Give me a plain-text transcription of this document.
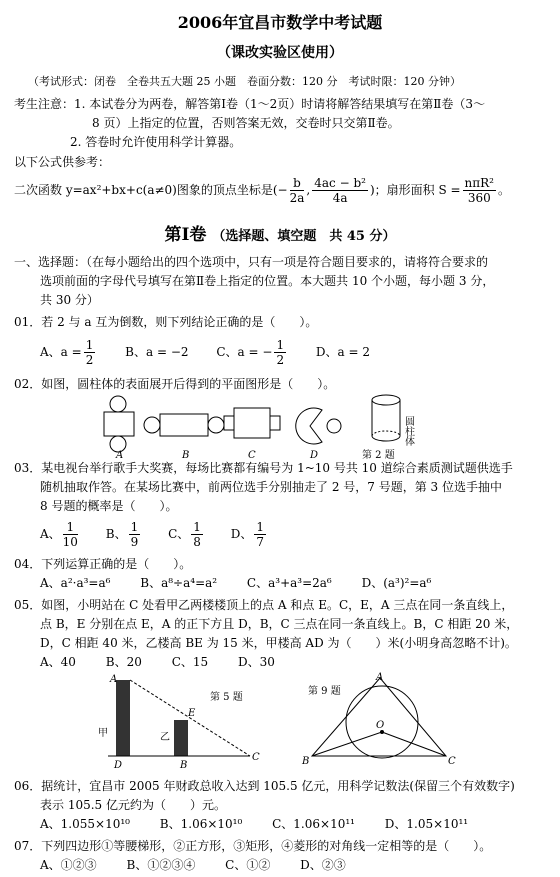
2006年宜昌市数学中考试题
（课改实验区使用）
（考试形式：闭卷　全卷共五大题 25 小题　卷面分数：120 分　考试时限：120 分钟）
考生注意：1. 本试卷分为两卷，解答第Ⅰ卷（1～2页）时请将解答结果填写在第Ⅱ卷（3～
8 页）上指定的位置，否则答案无效，交卷时只交第Ⅱ卷。
2. 答卷时允许使用科学计算器。
以下公式供参考：
二次函数 y=ax²+bx+c(a≠0)图象的顶点坐标是(− $\frac{b}{2a}$ , $\frac{\text{4ac − b²}}{4a}$ )；扇形面积 $S = \frac{\text{nπR²}}{360}$ 。
第Ⅰ卷 （选择题、填空题　共 45 分）
一、选择题：（在每小题给出的四个选项中，只有一项是符合题目要求的，请将符合要求的
选项前面的字母代号填写在第Ⅱ卷上指定的位置。本大题共 10 个小题，每小题 3 分，
共 30 分）
01．若 2 与 a 互为倒数，则下列结论正确的是（　　）。
A、$a = \frac{1}{2}$ B、a = −2 C、a = − $\frac{1}{2}$ D、a = 2
02．如图，圆柱体的表面展开后得到的平面图形是（　　）。
圆柱体
A	B	C	D	第 2 题
03．某电视台举行歌手大奖赛，每场比赛都有编号为 1~10 号共 10 道综合素质测试题供选手
随机抽取作答。在某场比赛中，前两位选手分别抽走了 2 号，7 号题，第 3 位选手抽中
8 号题的概率是（　　）。
A、 $\frac{1}{10}$ B、 $\frac{1}{9}$ C、 $\frac{1}{8}$ D、 $\frac{1}{7}$
04．下列运算正确的是（　　）。
A、a²·a³=a⁶ B、a⁸÷a⁴=a² C、a³+a³=2a⁶ D、(a³)²=a⁶
05．如图，小明站在 C 处看甲乙两楼楼顶上的点 A 和点 E。C，E，A 三点在同一条直线上，
点 B，E 分别在点 E，A 的正下方且 D，B，C 三点在同一条直线上。B，C 相距 20 米，
D，C 相距 40 米，乙楼高 BE 为 15 米，甲楼高 AD 为（　　）米(小明身高忽略不计)。
A、40 B、20 C、15 D、30
A
E
D	B
C
甲	乙
第 5 题
A
B	C
O
第 9 题
06．据统计，宜昌市 2005 年财政总收入达到 105.5 亿元，用科学记数法(保留三个有效数字)
表示 105.5 亿元约为（　　）元。
A、1.055×10¹⁰ B、1.06×10¹⁰ C、1.06×10¹¹ D、1.05×10¹¹
07．下列四边形①等腰梯形，②正方形，③矩形，④菱形的对角线一定相等的是（　　）。
A、①②③ B、①②③④ C、①② D、②③
